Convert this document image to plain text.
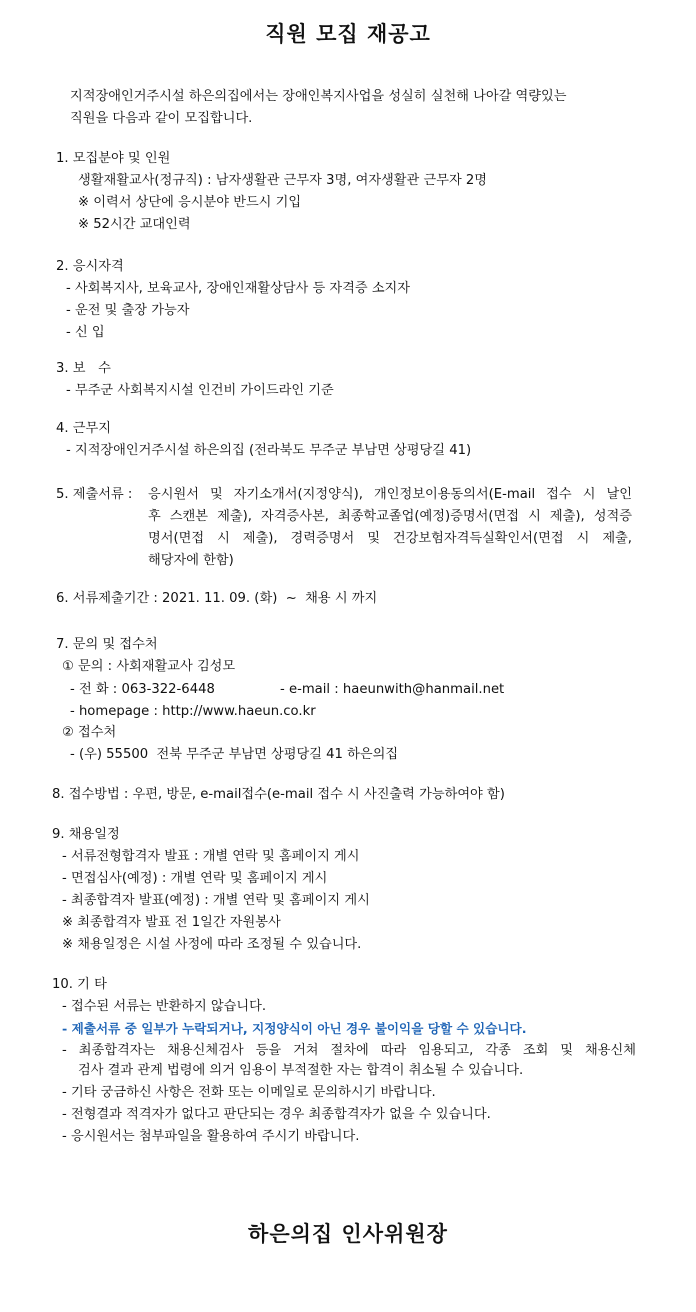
직원 모집 재공고
지적장애인거주시설 하은의집에서는 장애인복지사업을 성실히 실천해 나아갈 역량있는
직원을 다음과 같이 모집합니다.
1. 모집분야 및 인원
생활재활교사(정규직) : 남자생활관 근무자 3명, 여자생활관 근무자 2명
※ 이력서 상단에 응시분야 반드시 기입
※ 52시간 교대인력
2. 응시자격
- 사회복지사, 보육교사, 장애인재활상담사 등 자격증 소지자
- 운전 및 출장 가능자
- 신 입
3. 보   수
- 무주군 사회복지시설 인건비 가이드라인 기준
4. 근무지
- 지적장애인거주시설 하은의집 (전라북도 무주군 부남면 상평당길 41)
5. 제출서류 : 응시원서 및 자기소개서(지정양식), 개인정보이용동의서(E-mail 접수 시 날인
후 스캔본 제출), 자격증사본, 최종학교졸업(예정)증명서(면접 시 제출), 성적증
명서(면접 시 제출), 경력증명서 및 건강보험자격득실확인서(면접 시 제출,
해당자에 한함)
6. 서류제출기간 : 2021. 11. 09. (화)  ~  채용 시 까지
7. 문의 및 접수처
① 문의 : 사회재활교사 김성모
- 전 화 : 063-322-6448	- e-mail : haeunwith@hanmail.net
- homepage : http://www.haeun.co.kr
② 접수처
- (우) 55500  전북 무주군 부남면 상평당길 41 하은의집
8. 접수방법 : 우편, 방문, e-mail접수(e-mail 접수 시 사진출력 가능하여야 함)
9. 채용일정
- 서류전형합격자 발표 : 개별 연락 및 홈페이지 게시
- 면접심사(예정) : 개별 연락 및 홈페이지 게시
- 최종합격자 발표(예정) : 개별 연락 및 홈페이지 게시
※ 최종합격자 발표 전 1일간 자원봉사
※ 채용일정은 시설 사정에 따라 조정될 수 있습니다.
10. 기 타
- 접수된 서류는 반환하지 않습니다.
- 제출서류 중 일부가 누락되거나, 지정양식이 아닌 경우 불이익을 당할 수 있습니다.
- 최종합격자는 채용신체검사 등을 거쳐 절차에 따라 임용되고, 각종 조회 및 채용신체
검사 결과 관계 법령에 의거 임용이 부적절한 자는 합격이 취소될 수 있습니다.
- 기타 궁금하신 사항은 전화 또는 이메일로 문의하시기 바랍니다.
- 전형결과 적격자가 없다고 판단되는 경우 최종합격자가 없을 수 있습니다.
- 응시원서는 첨부파일을 활용하여 주시기 바랍니다.
하은의집 인사위원장
